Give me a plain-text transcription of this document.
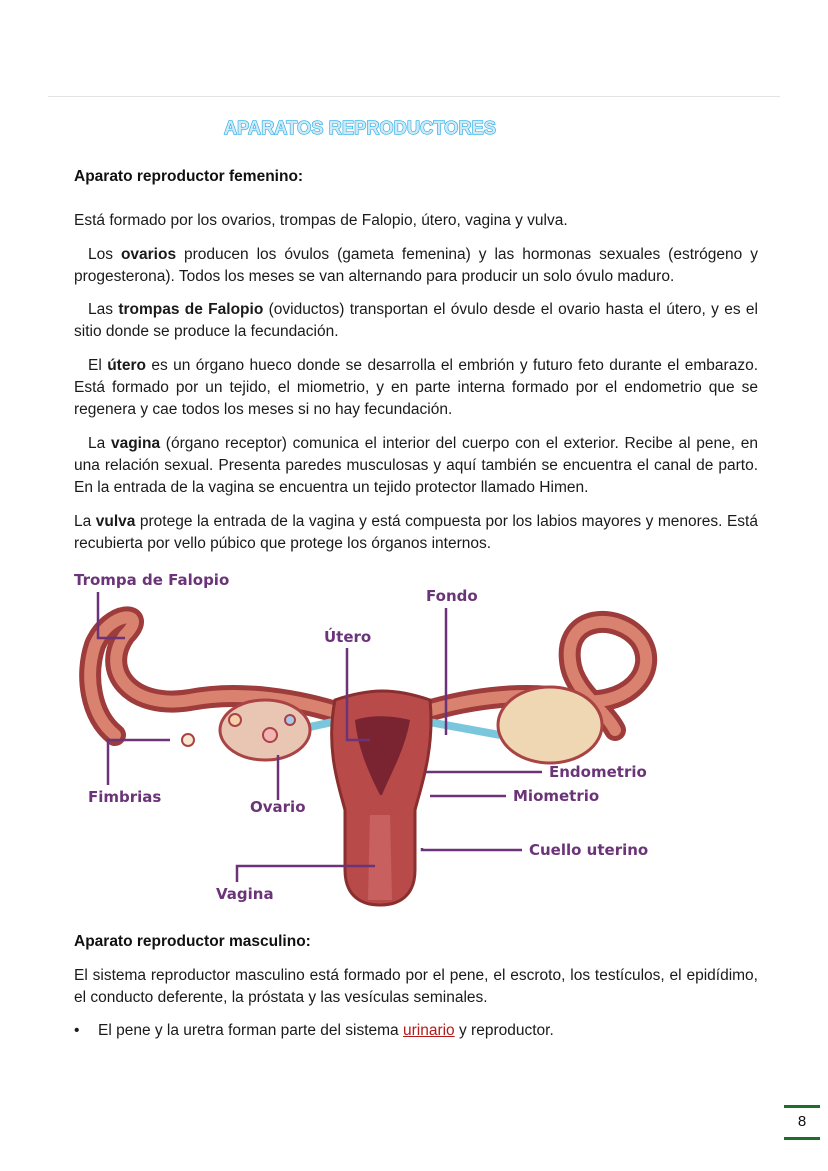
APARATOS REPRODUCTORES
Aparato reproductor femenino:

Está formado por los ovarios, trompas de Falopio, útero, vagina y vulva.

Los ovarios producen los óvulos (gameta femenina) y las hormonas sexuales (estrógeno y progesterona). Todos los meses se van alternando para producir un solo óvulo maduro.

Las trompas de Falopio (oviductos) transportan el óvulo desde el ovario hasta el útero, y es el sitio donde se produce la fecundación.

El útero es un órgano hueco donde se desarrolla el embrión y futuro feto durante el embarazo. Está formado por un tejido, el miometrio, y en parte interna formado por el endometrio que se regenera y cae todos los meses si no hay fecundación.

La vagina (órgano receptor) comunica el interior del cuerpo con el exterior. Recibe al pene, en una relación sexual. Presenta paredes musculosas y aquí también se encuentra el canal de parto. En la entrada de la vagina se encuentra un tejido protector llamado Himen.

La vulva protege la entrada de la vagina y está compuesta por los labios mayores y menores. Está recubierta por vello púbico que protege los órganos internos.

Trompa de Falopio
Fondo
Útero
Endometrio
Miometrio
Fimbrias
Ovario
Cuello uterino
Vagina
Aparato reproductor masculino:

El sistema reproductor masculino está formado por el pene, el escroto, los testículos, el epidídimo, el conducto deferente, la próstata y las vesículas seminales.

• El pene y la uretra forman parte del sistema urinario y reproductor.
8
